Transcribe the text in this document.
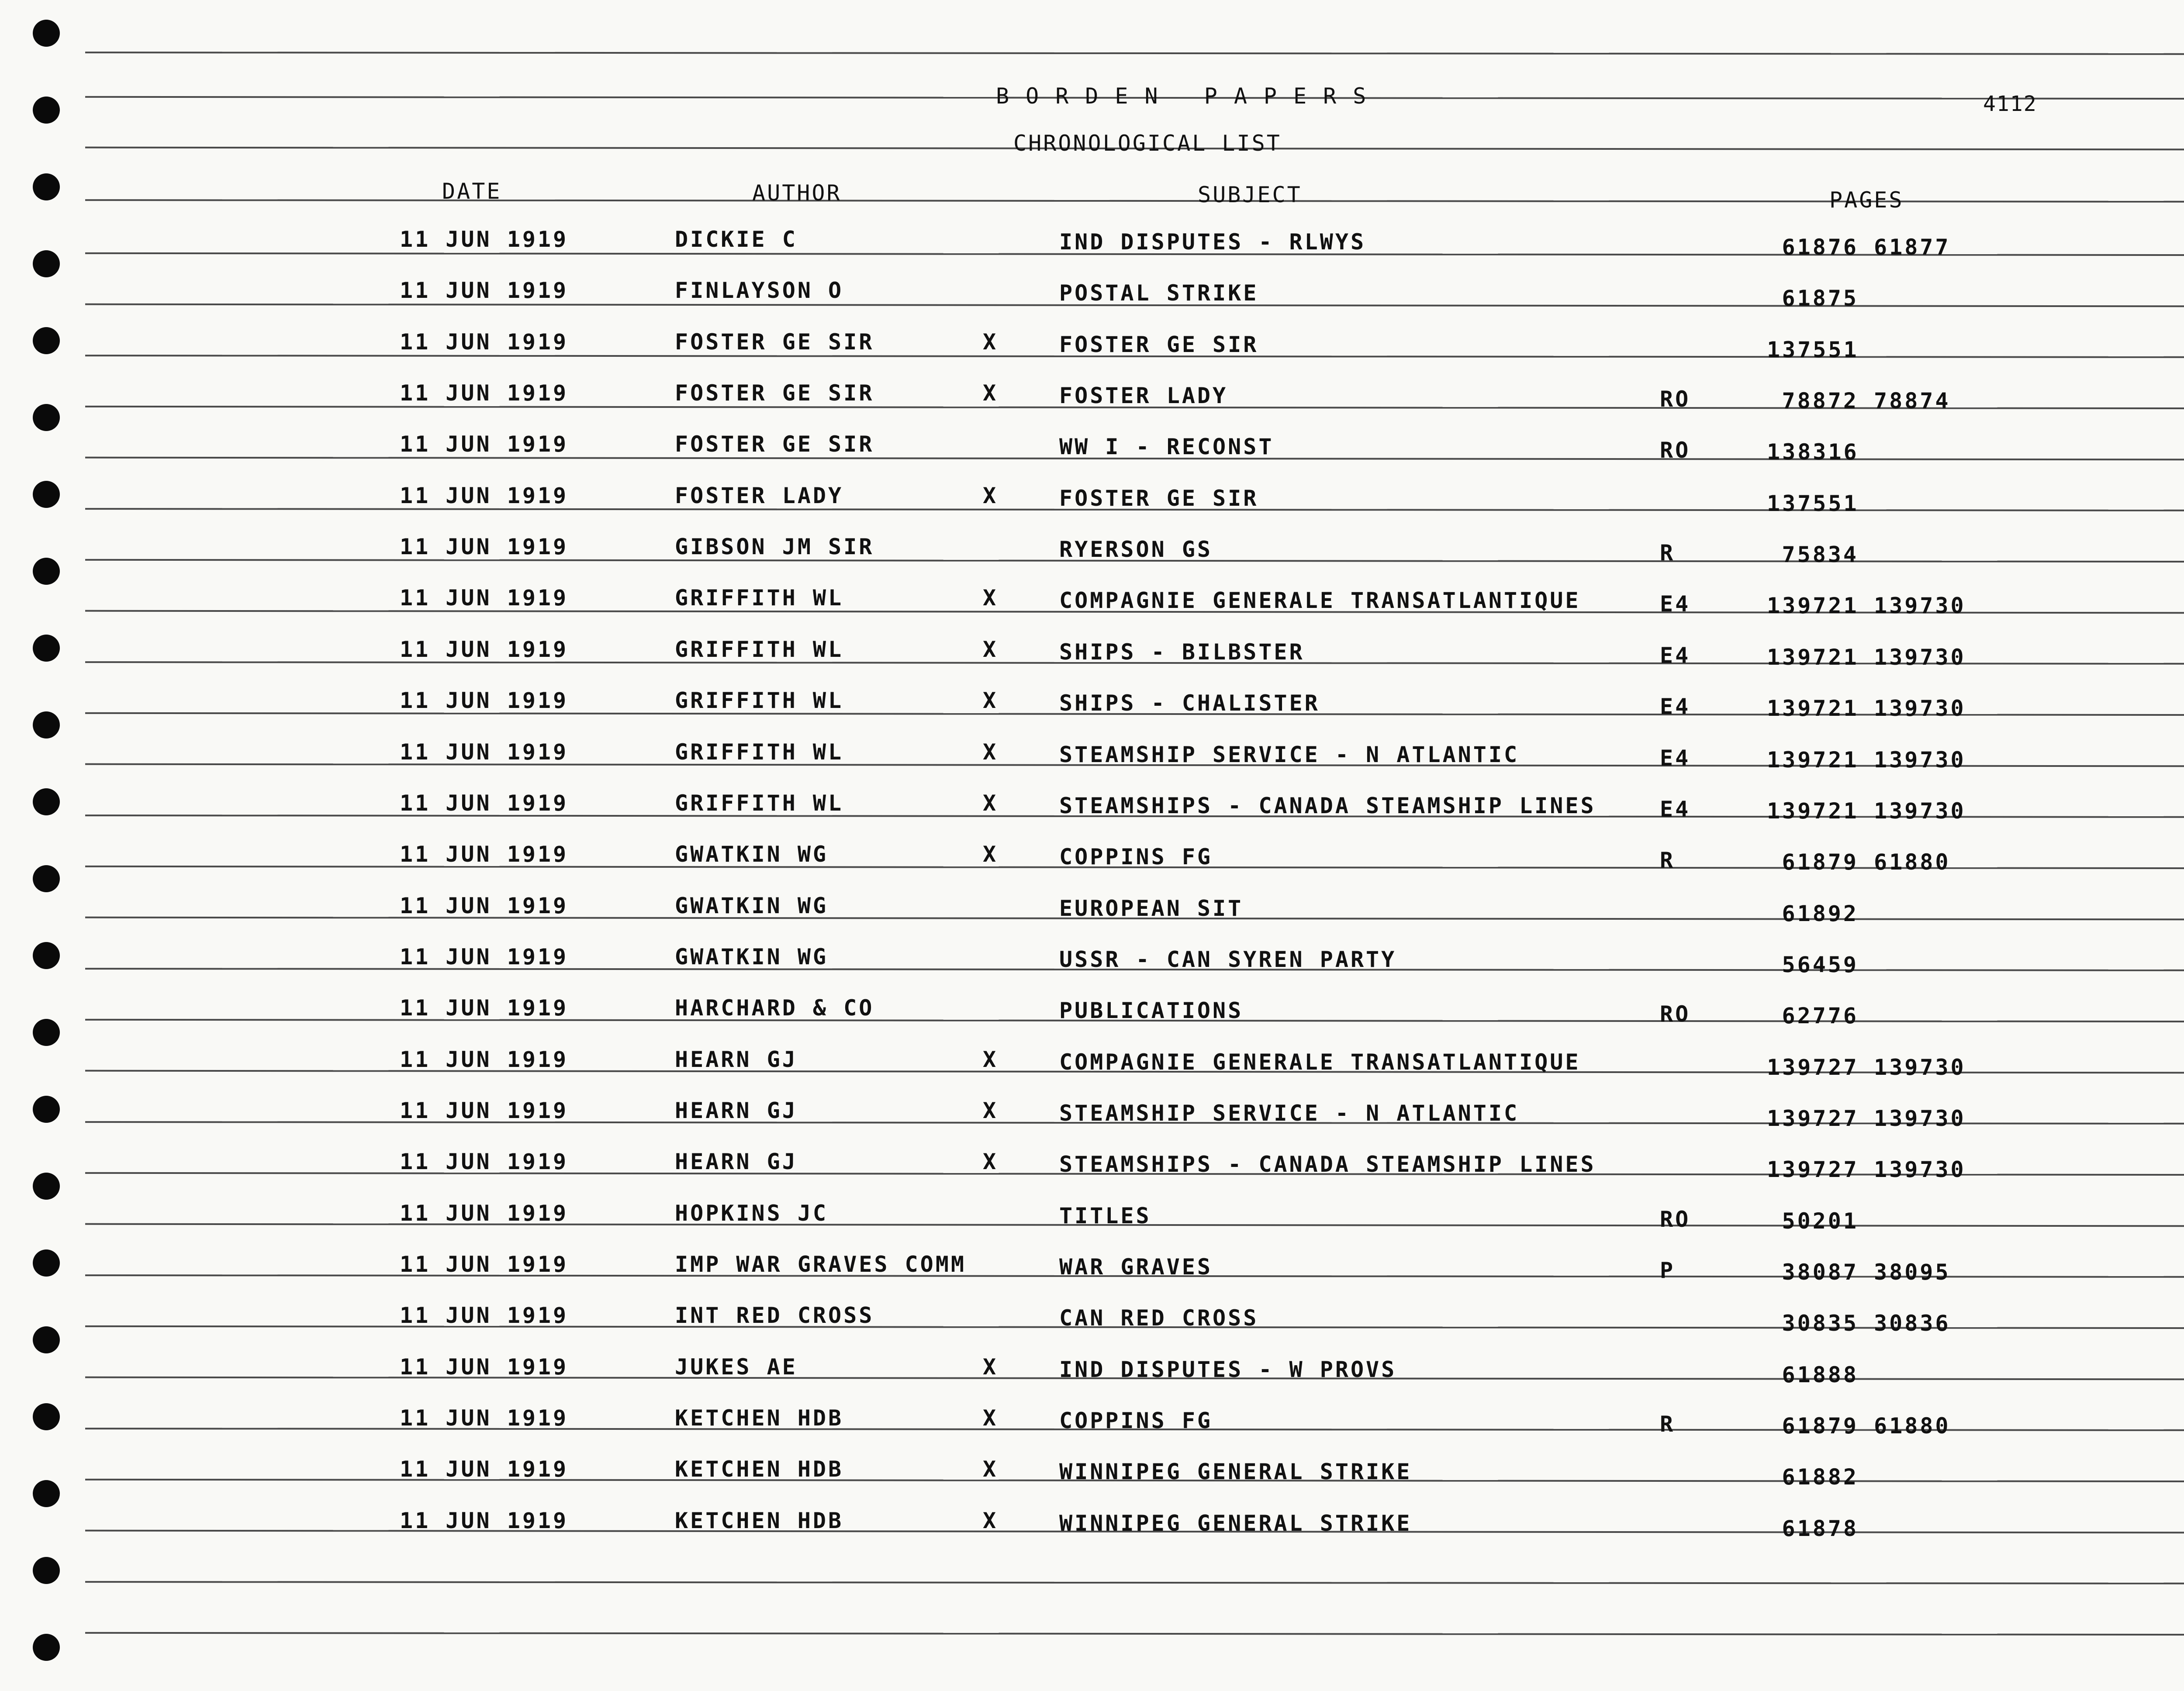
BORDEN PAPERS	4112
CHRONOLOGICAL LIST
DATE	AUTHOR	SUBJECT	PAGES
11 JUN 1919	DICKIE C	IND DISPUTES - RLWYS	61876 61877
11 JUN 1919	FINLAYSON O	POSTAL STRIKE	61875
11 JUN 1919	FOSTER GE SIR	X	FOSTER GE SIR	137551
11 JUN 1919	FOSTER GE SIR	X	FOSTER LADY	RO	78872 78874
11 JUN 1919	FOSTER GE SIR	WW I - RECONST	RO	138316
11 JUN 1919	FOSTER LADY	X	FOSTER GE SIR	137551
11 JUN 1919	GIBSON JM SIR	RYERSON GS	R	75834
11 JUN 1919	GRIFFITH WL	X	COMPAGNIE GENERALE TRANSATLANTIQUE	E4	139721 139730
11 JUN 1919	GRIFFITH WL	X	SHIPS - BILBSTER	E4	139721 139730
11 JUN 1919	GRIFFITH WL	X	SHIPS - CHALISTER	E4	139721 139730
11 JUN 1919	GRIFFITH WL	X	STEAMSHIP SERVICE - N ATLANTIC	E4	139721 139730
11 JUN 1919	GRIFFITH WL	X	STEAMSHIPS - CANADA STEAMSHIP LINES	E4	139721 139730
11 JUN 1919	GWATKIN WG	X	COPPINS FG	R	61879 61880
11 JUN 1919	GWATKIN WG	EUROPEAN SIT	61892
11 JUN 1919	GWATKIN WG	USSR - CAN SYREN PARTY	56459
11 JUN 1919	HARCHARD & CO	PUBLICATIONS	RO	62776
11 JUN 1919	HEARN GJ	X	COMPAGNIE GENERALE TRANSATLANTIQUE	139727 139730
11 JUN 1919	HEARN GJ	X	STEAMSHIP SERVICE - N ATLANTIC	139727 139730
11 JUN 1919	HEARN GJ	X	STEAMSHIPS - CANADA STEAMSHIP LINES	139727 139730
11 JUN 1919	HOPKINS JC	TITLES	RO	50201
11 JUN 1919	IMP WAR GRAVES COMM	WAR GRAVES	P	38087 38095
11 JUN 1919	INT RED CROSS	CAN RED CROSS	30835 30836
11 JUN 1919	JUKES AE	X	IND DISPUTES - W PROVS	61888
11 JUN 1919	KETCHEN HDB	X	COPPINS FG	R	61879 61880
11 JUN 1919	KETCHEN HDB	X	WINNIPEG GENERAL STRIKE	61882
11 JUN 1919	KETCHEN HDB	X	WINNIPEG GENERAL STRIKE	61878
